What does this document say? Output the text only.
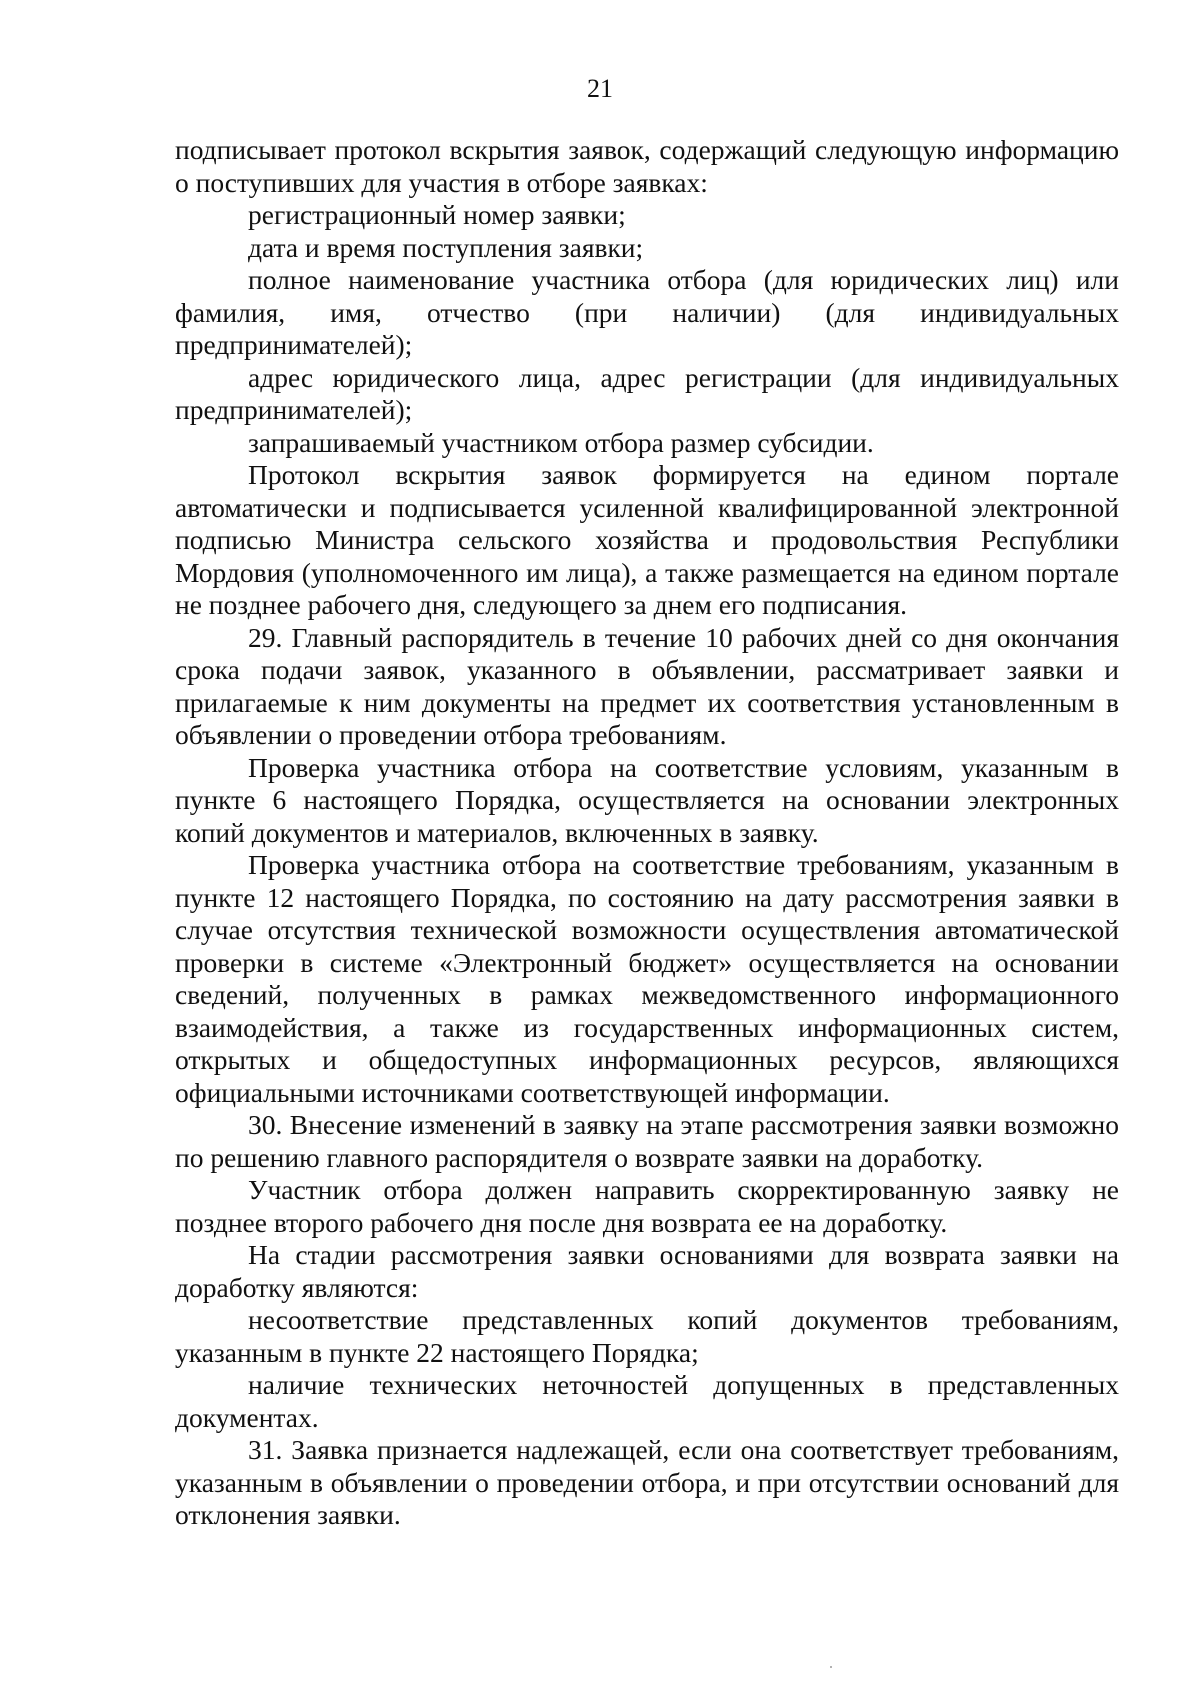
21

подписывает протокол вскрытия заявок, содержащий следующую информацию о поступивших для участия в отборе заявках:

регистрационный номер заявки;

дата и время поступления заявки;

полное наименование участника отбора (для юридических лиц) или фамилия, имя, отчество (при наличии) (для индивидуальных предпринимателей);

адрес юридического лица, адрес регистрации (для индивидуальных предпринимателей);

запрашиваемый участником отбора размер субсидии.

Протокол вскрытия заявок формируется на едином портале автоматически и подписывается усиленной квалифицированной электронной подписью Министра сельского хозяйства и продовольствия Республики Мордовия (уполномоченного им лица), а также размещается на едином портале не позднее рабочего дня, следующего за днем его подписания.

29. Главный распорядитель в течение 10 рабочих дней со дня окончания срока подачи заявок, указанного в объявлении, рассматривает заявки и прилагаемые к ним документы на предмет их соответствия установленным в объявлении о проведении отбора требованиям.

Проверка участника отбора на соответствие условиям, указанным в пункте 6 настоящего Порядка, осуществляется на основании электронных копий документов и материалов, включенных в заявку.

Проверка участника отбора на соответствие требованиям, указанным в пункте 12 настоящего Порядка, по состоянию на дату рассмотрения заявки в случае отсутствия технической возможности осуществления автоматической проверки в системе «Электронный бюджет» осуществляется на основании сведений, полученных в рамках межведомственного информационного взаимодействия, а также из государственных информационных систем, открытых и общедоступных информационных ресурсов, являющихся официальными источниками соответствующей информации.

30. Внесение изменений в заявку на этапе рассмотрения заявки возможно по решению главного распорядителя о возврате заявки на доработку.

Участник отбора должен направить скорректированную заявку не позднее второго рабочего дня после дня возврата ее на доработку.

На стадии рассмотрения заявки основаниями для возврата заявки на доработку являются:

несоответствие представленных копий документов требованиям, указанным в пункте 22 настоящего Порядка;

наличие технических неточностей допущенных в представленных документах.

31. Заявка признается надлежащей, если она соответствует требованиям, указанным в объявлении о проведении отбора, и при отсутствии оснований для отклонения заявки.
